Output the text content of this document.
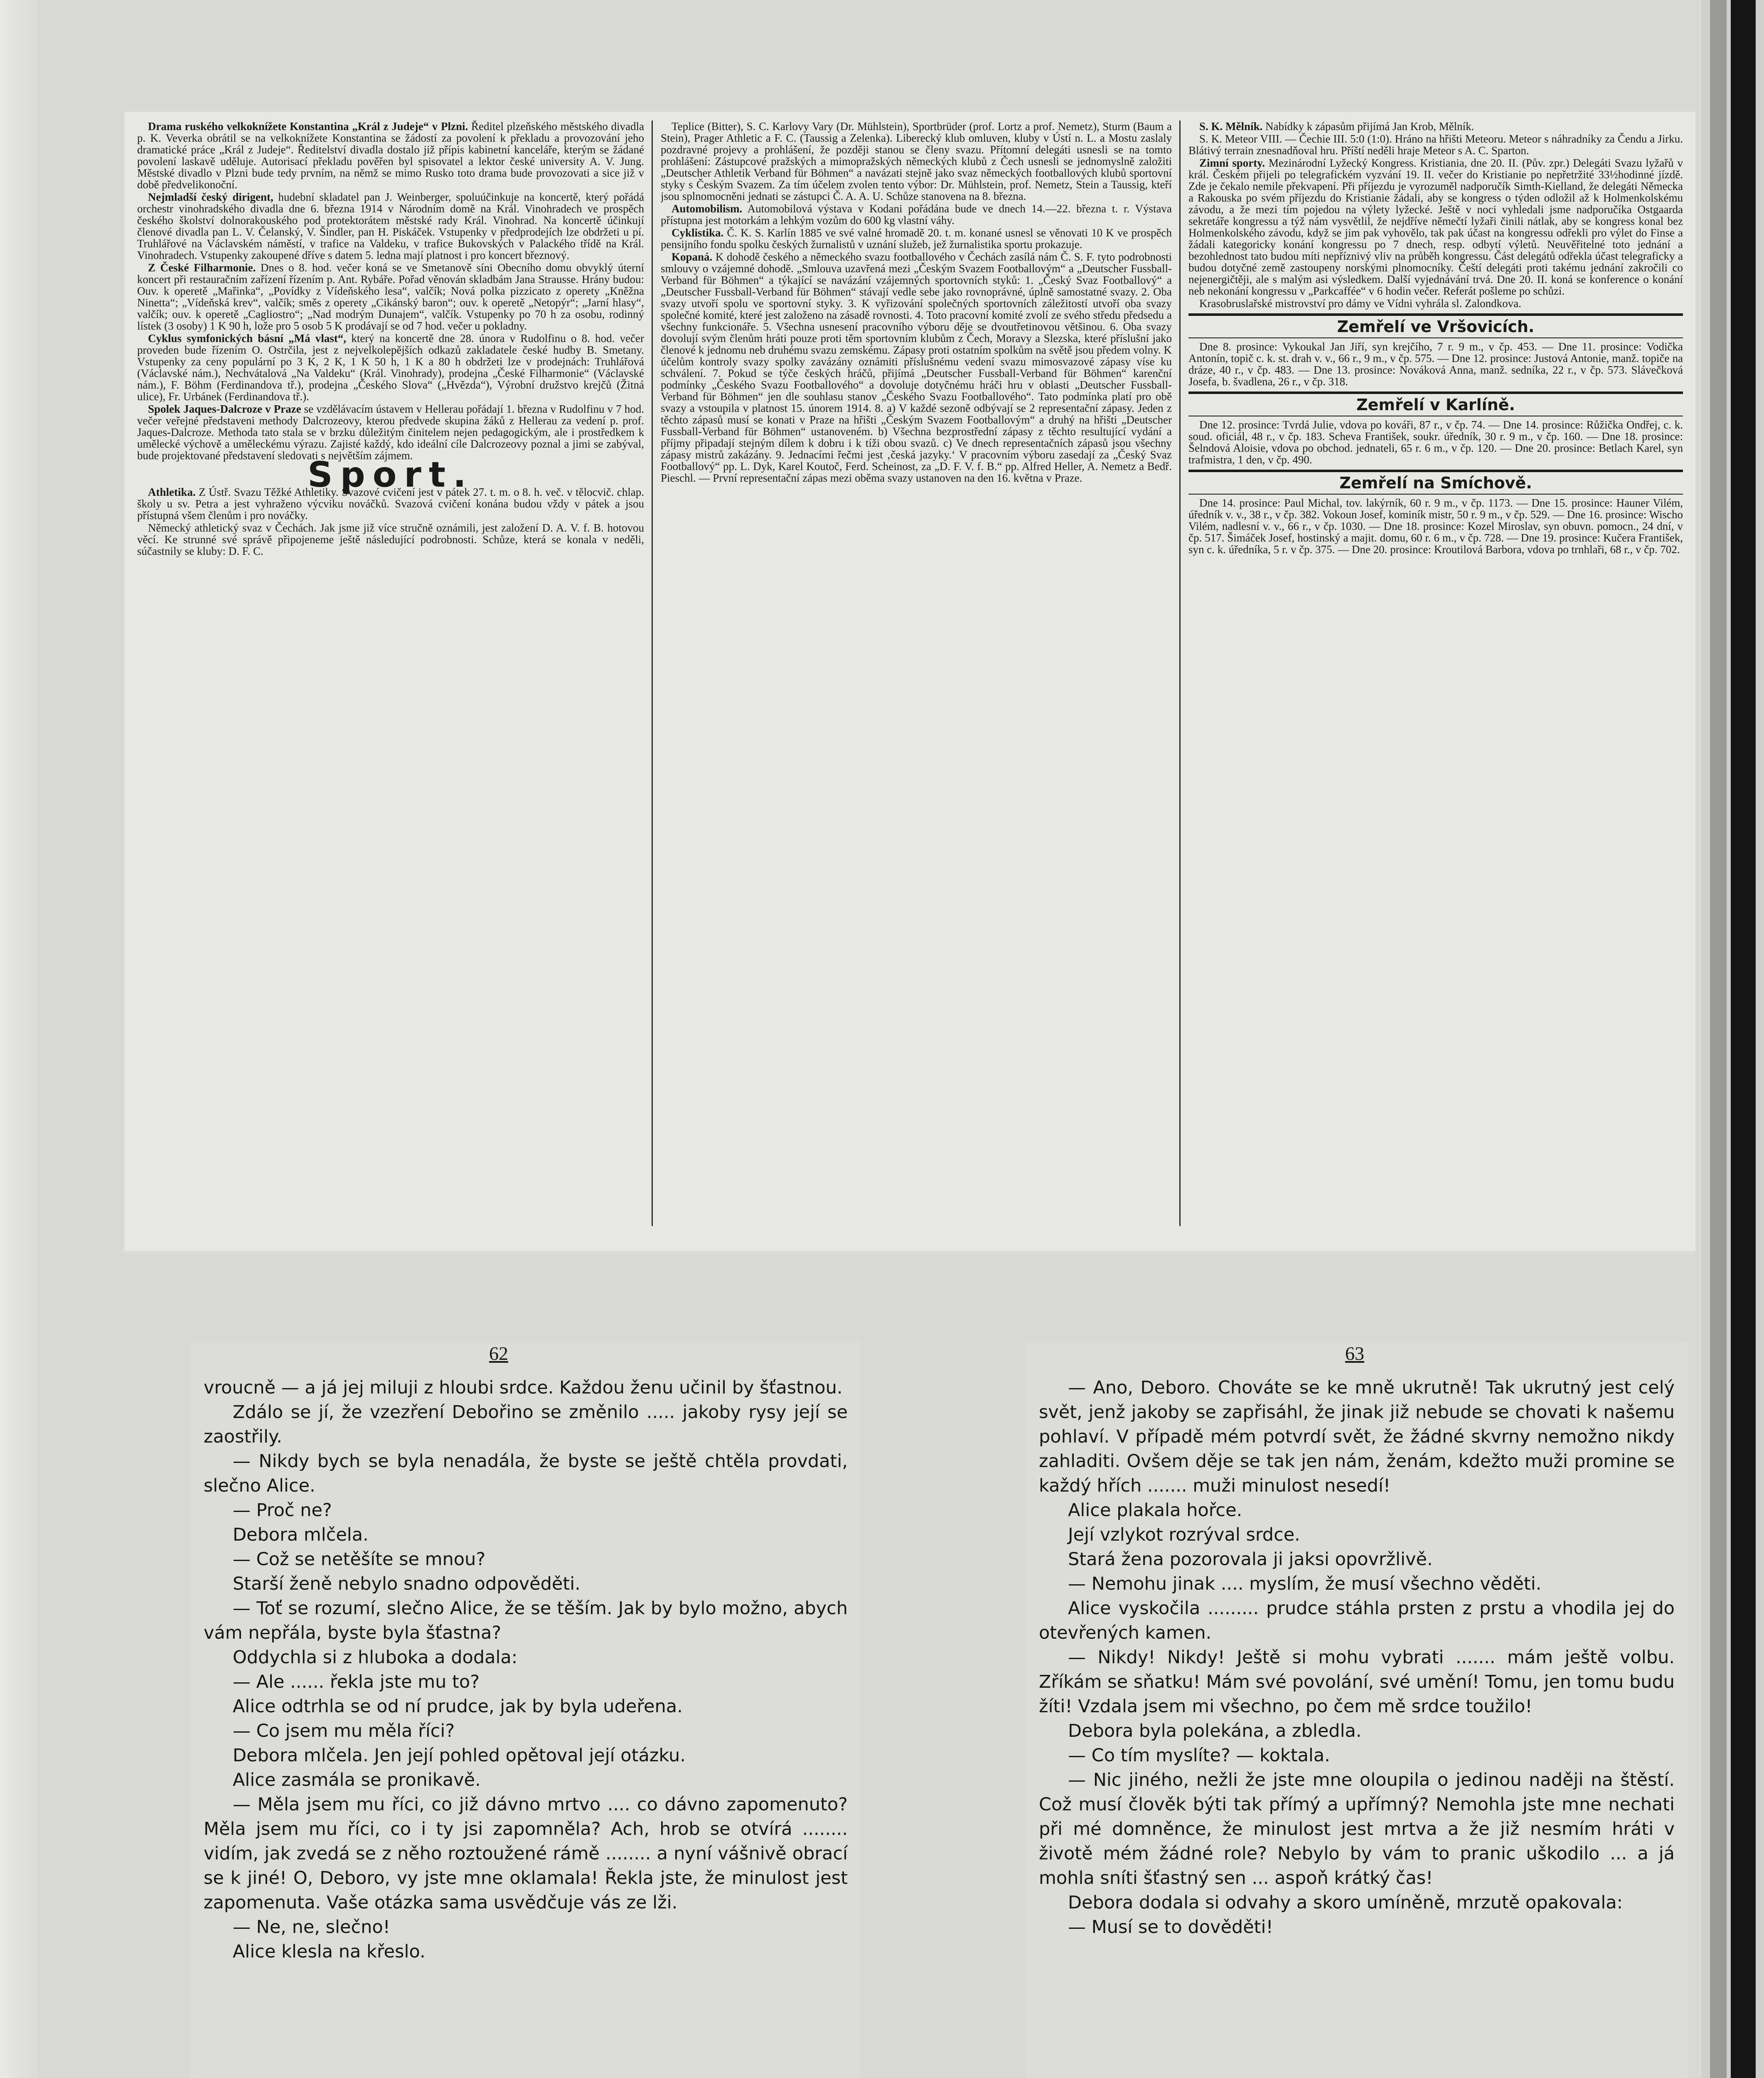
Drama ruského velkoknížete Konstantina „Král z Judeje“ v Plzni. Ředitel plzeňského městského divadla p. K. Veverka obrátil se na velkoknížete Konstantina se žádostí za povolení k překladu a provozování jeho dramatické práce „Král z Judeje“. Ředitelství divadla dostalo již přípis kabinetní kanceláře, kterým se žádané povolení laskavě uděluje. Autorisací překladu pověřen byl spisovatel a lektor české university A. V. Jung. Městské divadlo v Plzni bude tedy prvním, na němž se mimo Rusko toto drama bude provozovati a sice již v době předvelikonoční.

Nejmladší český dirigent, hudební skladatel pan J. Weinberger, spoluúčinkuje na koncertě, který pořádá orchestr vinohradského divadla dne 6. března 1914 v Národním domě na Král. Vinohradech ve prospěch českého školství dolnorakouského pod protektorátem městské rady Král. Vinohrad. Na koncertě účinkují členové divadla pan L. V. Čelanský, V. Šindler, pan H. Piskáček. Vstupenky v předprodejích lze obdržeti u pí. Truhlářové na Václavském náměstí, v trafice na Valdeku, v trafice Bukovských v Palackého třídě na Král. Vinohradech. Vstupenky zakoupené dříve s datem 5. ledna mají platnost i pro koncert březnový.

Z České Filharmonie. Dnes o 8. hod. večer koná se ve Smetanově síni Obecního domu obvyklý úterní koncert při restauračním zařízení řízením p. Ant. Rybáře. Pořad věnován skladbám Jana Strausse. Hrány budou: Ouv. k operetě „Mařinka“, „Povídky z Vídeňského lesa“, valčík; Nová polka pizzicato z operety „Kněžna Ninetta“; „Vídeňská krev“, valčík; směs z operety „Cikánský baron“; ouv. k operetě „Netopýr“; „Jarní hlasy“, valčík; ouv. k operetě „Cagliostro“; „Nad modrým Dunajem“, valčík. Vstupenky po 70 h za osobu, rodinný lístek (3 osoby) 1 K 90 h, lože pro 5 osob 5 K prodávají se od 7 hod. večer u pokladny.

Cyklus symfonických básní „Má vlast“, který na koncertě dne 28. února v Rudolfinu o 8. hod. večer proveden bude řízením O. Ostrčila, jest z nejvelkolepějších odkazů zakladatele české hudby B. Smetany. Vstupenky za ceny populární po 3 K, 2 K, 1 K 50 h, 1 K a 80 h obdržeti lze v prodejnách: Truhlářová (Václavské nám.), Nechvátalová „Na Valdeku“ (Král. Vinohrady), prodejna „České Filharmonie“ (Václavské nám.), F. Böhm (Ferdinandova tř.), prodejna „Českého Slova“ („Hvězda“), Výrobní družstvo krejčů (Žitná ulice), Fr. Urbánek (Ferdinandova tř.).

Spolek Jaques-Dalcroze v Praze se vzdělávacím ústavem v Hellerau pořádají 1. března v Rudolfinu v 7 hod. večer veřejné představeni methody Dalcrozeovy, kterou předvede skupina žáků z Hellerau za vedení p. prof. Jaques-Dalcroze. Methoda tato stala se v brzku důležitým činitelem nejen pedagogickým, ale i prostředkem k umělecké výchově a uměleckému výrazu. Zajisté každý, kdo ideální cíle Dalcrozeovy poznal a jimi se zabýval, bude projektované představení sledovati s největším zájmem.

Sport.

Athletika. Z Ústř. Svazu Těžké Athletiky. Svazové cvičení jest v pátek 27. t. m. o 8. h. več. v tělocvič. chlap. školy u sv. Petra a jest vyhraženo výcviku nováčků. Svazová cvičení konána budou vždy v pátek a jsou přístupná všem členům i pro nováčky.

Německý athletický svaz v Čechách. Jak jsme již více stručně oznámili, jest založení D. A. V. f. B. hotovou věcí. Ke strunné své správě připojeneme ještě následující podrobnosti. Schůze, která se konala v neděli, súčastnily se kluby: D. F. C.

Teplice (Bitter), S. C. Karlovy Vary (Dr. Mühlstein), Sportbrüder (prof. Lortz a prof. Nemetz), Sturm (Baum a Stein), Prager Athletic a F. C. (Taussig a Zelenka). Liberecký klub omluven, kluby v Ústí n. L. a Mostu zaslaly pozdravné projevy a prohlášení, že později stanou se členy svazu. Přítomní delegáti usnesli se na tomto prohlášení: Zástupcové pražských a mimopražských německých klubů z Čech usnesli se jednomyslně založiti „Deutscher Athletik Verband für Böhmen“ a navázati stejně jako svaz německých footballových klubů sportovní styky s Českým Svazem. Za tím účelem zvolen tento výbor: Dr. Mühlstein, prof. Nemetz, Stein a Taussig, kteří jsou splnomocněni jednati se zástupci Č. A. A. U. Schůze stanovena na 8. března.

Automobilism. Automobilová výstava v Kodani pořádána bude ve dnech 14.—22. března t. r. Výstava přístupna jest motorkám a lehkým vozům do 600 kg vlastní váhy.

Cyklistika. Č. K. S. Karlín 1885 ve své valné hromadě 20. t. m. konané usnesl se věnovati 10 K ve prospěch pensijního fondu spolku českých žurnalistů v uznání služeb, jež žurnalistika sportu prokazuje.

Kopaná. K dohodě českého a německého svazu footballového v Čechách zasílá nám Č. S. F. tyto podrobnosti smlouvy o vzájemné dohodě. „Smlouva uzavřená mezi „Českým Svazem Footballovým“ a „Deutscher Fussball-Verband für Böhmen“ a týkající se navázání vzájemných sportovních styků: 1. „Český Svaz Footballový“ a „Deutscher Fussball-Verband für Böhmen“ stávají vedle sebe jako rovnoprávné, úplně samostatné svazy. 2. Oba svazy utvoří spolu ve sportovní styky. 3. K vyřizování společných sportovních záležitostí utvoří oba svazy společné komité, které jest založeno na zásadě rovnosti. 4. Toto pracovní komité zvolí ze svého středu předsedu a všechny funkcionáře. 5. Všechna usnesení pracovního výboru děje se dvoutřetinovou většinou. 6. Oba svazy dovolují svým členům hráti pouze proti těm sportovním klubům z Čech, Moravy a Slezska, které příslušní jako členové k jednomu neb druhému svazu zemskému. Zápasy proti ostatním spolkům na světě jsou předem volny. K účelům kontroly svazy spolky zavázány oznámiti příslušnému vedení svazu mimosvazové zápasy víse ku schválení. 7. Pokud se týče českých hráčů, přijímá „Deutscher Fussball-Verband für Böhmen“ karenční podmínky „Českého Svazu Footballového“ a dovoluje dotyčnému hráči hru v oblasti „Deutscher Fussball-Verband für Böhmen“ jen dle souhlasu stanov „Českého Svazu Footballového“. Tato podmínka platí pro obě svazy a vstoupila v platnost 15. únorem 1914. 8. a) V každé sezoně odbývají se 2 representační zápasy. Jeden z těchto zápasů musí se konati v Praze na hřišti „Českým Svazem Footballovým“ a druhý na hřišti „Deutscher Fussball-Verband für Böhmen“ ustanoveném. b) Všechna bezprostřední zápasy z těchto resultující vydání a příjmy připadají stejným dílem k dobru i k tíži obou svazů. c) Ve dnech representačních zápasů jsou všechny zápasy mistrů zakázány. 9. Jednacími řečmi jest ‚česká jazyky.‘ V pracovním výboru zasedají za „Český Svaz Footballový“ pp. L. Dyk, Karel Koutoč, Ferd. Scheinost, za „D. F. V. f. B.“ pp. Alfred Heller, A. Nemetz a Bedř. Pieschl. — První representační zápas mezi oběma svazy ustanoven na den 16. května v Praze.

S. K. Mělník. Nabídky k zápasům přijímá Jan Krob, Mělník.

S. K. Meteor VIII. — Čechie III. 5:0 (1:0). Hráno na hřišti Meteoru. Meteor s náhradníky za Čendu a Jirku. Blátivý terrain znesnadňoval hru. Příští neděli hraje Meteor s A. C. Sparton.

Zimní sporty. Mezinárodní Lyžecký Kongress. Kristiania, dne 20. II. (Pův. zpr.) Delegáti Svazu lyžařů v král. Českém přijeli po telegrafickém vyzvání 19. II. večer do Kristianie po nepřetržité 33½hodinné jízdě. Zde je čekalo nemile překvapení. Při příjezdu je vyrozuměl nadporučík Simth-Kielland, že delegáti Německa a Rakouska po svém příjezdu do Kristianie žádali, aby se kongress o týden odložil až k Holmenkolskému závodu, a že mezi tím pojedou na výlety lyžecké. Ještě v noci vyhledali jsme nadporučíka Ostgaarda sekretáře kongressu a týž nám vysvětlil, že nejdříve němečtí lyžaři činili nátlak, aby se kongress konal bez Holmenkolského závodu, když se jim pak vyhovělo, tak pak účast na kongressu odřekli pro výlet do Finse a žádali kategoricky konání kongressu po 7 dnech, resp. odbytí výletů. Neuvěřitelné toto jednání a bezohlednost tato budou míti nepříznivý vliv na průběh kongressu. Část delegátů odřekla účast telegraficky a budou dotyčné země zastoupeny norskými plnomocníky. Čeští delegáti proti takému jednání zakročili co nejenergičtěji, ale s malým asi výsledkem. Další vyjednávání trvá. Dne 20. II. koná se konference o konání neb nekonání kongressu v „Parkcaffée“ v 6 hodin večer. Referát pošleme po schůzi.

Krasobruslařské mistrovství pro dámy ve Vídni vyhrála sl. Zalondkova.

Zemřelí ve Vršovicích.

Dne 8. prosince: Vykoukal Jan Jiří, syn krejčího, 7 r. 9 m., v čp. 453. — Dne 11. prosince: Vodička Antonín, topič c. k. st. drah v. v., 66 r., 9 m., v čp. 575. — Dne 12. prosince: Justová Antonie, manž. topiče na dráze, 40 r., v čp. 483. — Dne 13. prosince: Nováková Anna, manž. sedníka, 22 r., v čp. 573. Slávečková Josefa, b. švadlena, 26 r., v čp. 318.

Zemřelí v Karlíně.

Dne 12. prosince: Tvrdá Julie, vdova po kováři, 87 r., v čp. 74. — Dne 14. prosince: Růžička Ondřej, c. k. soud. oficiál, 48 r., v čp. 183. Scheva František, soukr. úředník, 30 r. 9 m., v čp. 160. — Dne 18. prosince: Šelndová Aloisie, vdova po obchod. jednateli, 65 r. 6 m., v čp. 120. — Dne 20. prosince: Betlach Karel, syn trafmistra, 1 den, v čp. 490.

Zemřelí na Smíchově.

Dne 14. prosince: Paul Michal, tov. lakýrník, 60 r. 9 m., v čp. 1173. — Dne 15. prosince: Hauner Vilém, úředník v. v., 38 r., v čp. 382. Vokoun Josef, kominík mistr, 50 r. 9 m., v čp. 529. — Dne 16. prosince: Wischo Vilém, nadlesní v. v., 66 r., v čp. 1030. — Dne 18. prosince: Kozel Miroslav, syn obuvn. pomocn., 24 dní, v čp. 517. Šimáček Josef, hostinský a majit. domu, 60 r. 6 m., v čp. 728. — Dne 19. prosince: Kučera František, syn c. k. úředníka, 5 r. v čp. 375. — Dne 20. prosince: Kroutilová Barbora, vdova po trnhlaři, 68 r., v čp. 702.

62

vroucně — a já jej miluji z hloubi srdce. Každou ženu učinil by šťastnou.

Zdálo se jí, že vzezření Debořino se změnilo ..... jakoby rysy její se zaostřily.

— Nikdy bych se byla nenadála, že byste se ještě chtěla provdati, slečno Alice.

— Proč ne?

Debora mlčela.

— Což se netěšíte se mnou?

Starší ženě nebylo snadno odpověděti.

— Toť se rozumí, slečno Alice, že se těším. Jak by bylo možno, abych vám nepřála, byste byla šťastna?

Oddychla si z hluboka a dodala:

— Ale ...... řekla jste mu to?

Alice odtrhla se od ní prudce, jak by byla udeřena.

— Co jsem mu měla říci?

Debora mlčela. Jen její pohled opětoval její otázku.

Alice zasmála se pronikavě.

— Měla jsem mu říci, co již dávno mrtvo .... co dávno zapomenuto? Měla jsem mu říci, co i ty jsi zapomněla? Ach, hrob se otvírá ........ vidím, jak zvedá se z něho roztoužené rámě ........ a nyní vášnivě obrací se k jiné! O, Deboro, vy jste mne oklamala! Řekla jste, že minulost jest zapomenuta. Vaše otázka sama usvědčuje vás ze lži.

— Ne, ne, slečno!

Alice klesla na křeslo.

63

— Ano, Deboro. Chováte se ke mně ukrutně! Tak ukrutný jest celý svět, jenž jakoby se zapřisáhl, že jinak již nebude se chovati k našemu pohlaví. V případě mém potvrdí svět, že žádné skvrny nemožno nikdy zahladiti. Ovšem děje se tak jen nám, ženám, kdežto muži promine se každý hřích ....... muži minulost nesedí!

Alice plakala hořce.

Její vzlykot rozrýval srdce.

Stará žena pozorovala ji jaksi opovržlivě.

— Nemohu jinak .... myslím, že musí všechno věděti.

Alice vyskočila ......... prudce stáhla prsten z prstu a vhodila jej do otevřených kamen.

— Nikdy! Nikdy! Ještě si mohu vybrati ....... mám ještě volbu. Zříkám se sňatku! Mám své povolání, své umění! Tomu, jen tomu budu žíti! Vzdala jsem mi všechno, po čem mě srdce toužilo!

Debora byla polekána, a zbledla.

— Co tím myslíte? — koktala.

— Nic jiného, nežli že jste mne oloupila o jedinou naději na štěstí. Což musí člověk býti tak přímý a upřímný? Nemohla jste mne nechati při mé domněnce, že minulost jest mrtva a že již nesmím hráti v životě mém žádné role? Nebylo by vám to pranic uškodilo ... a já mohla sníti šťastný sen ... aspoň krátký čas!

Debora dodala si odvahy a skoro umíněně, mrzutě opakovala:

— Musí se to dověděti!
